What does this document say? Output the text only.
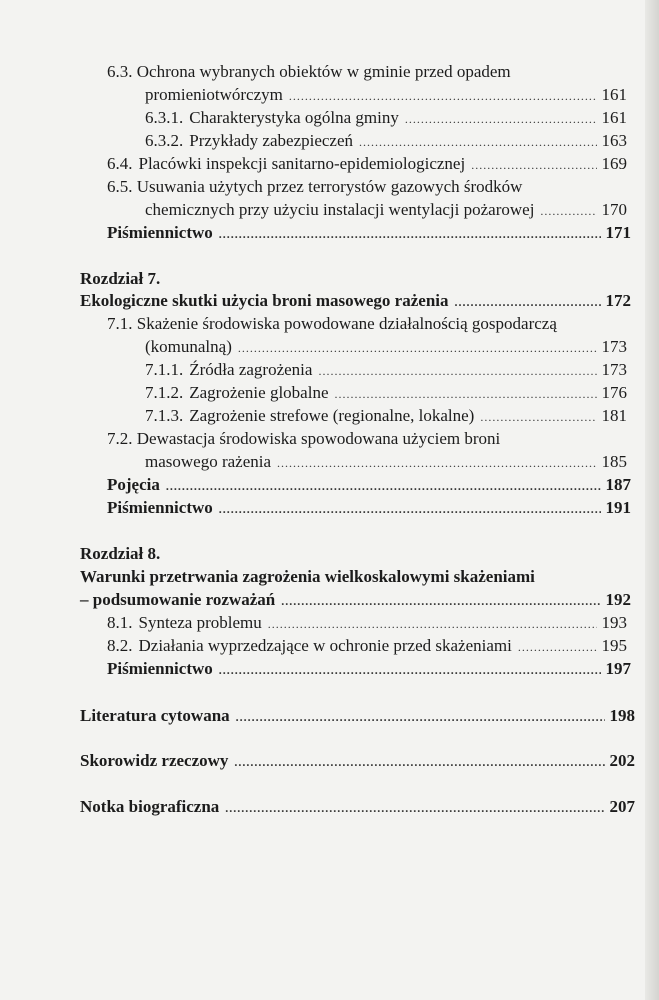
6.3. Ochrona wybranych obiektów w gminie przed opadem
promieniotwórczym .....	161
6.3.1. Charakterystyka ogólna gminy .....	161
6.3.2. Przykłady zabezpieczeń .....	163
6.4. Placówki inspekcji sanitarno-epidemiologicznej .....	169
6.5. Usuwania użytych przez terrorystów gazowych środków
chemicznych przy użyciu instalacji wentylacji pożarowej .....	170
Piśmiennictwo .....	171
Rozdział 7.
Ekologiczne skutki użycia broni masowego rażenia .....	172
7.1. Skażenie środowiska powodowane działalnością gospodarczą
(komunalną) .....	173
7.1.1. Źródła zagrożenia .....	173
7.1.2. Zagrożenie globalne .....	176
7.1.3. Zagrożenie strefowe (regionalne, lokalne) .....	181
7.2. Dewastacja środowiska spowodowana użyciem broni
masowego rażenia .....	185
Pojęcia .....	187
Piśmiennictwo .....	191
Rozdział 8.
Warunki przetrwania zagrożenia wielkoskalowymi skażeniami
– podsumowanie rozważań .....	192
8.1. Synteza problemu .....	193
8.2. Działania wyprzedzające w ochronie przed skażeniami .....	195
Piśmiennictwo .....	197
Literatura cytowana .....	198
Skorowidz rzeczowy .....	202
Notka biograficzna .....	207
